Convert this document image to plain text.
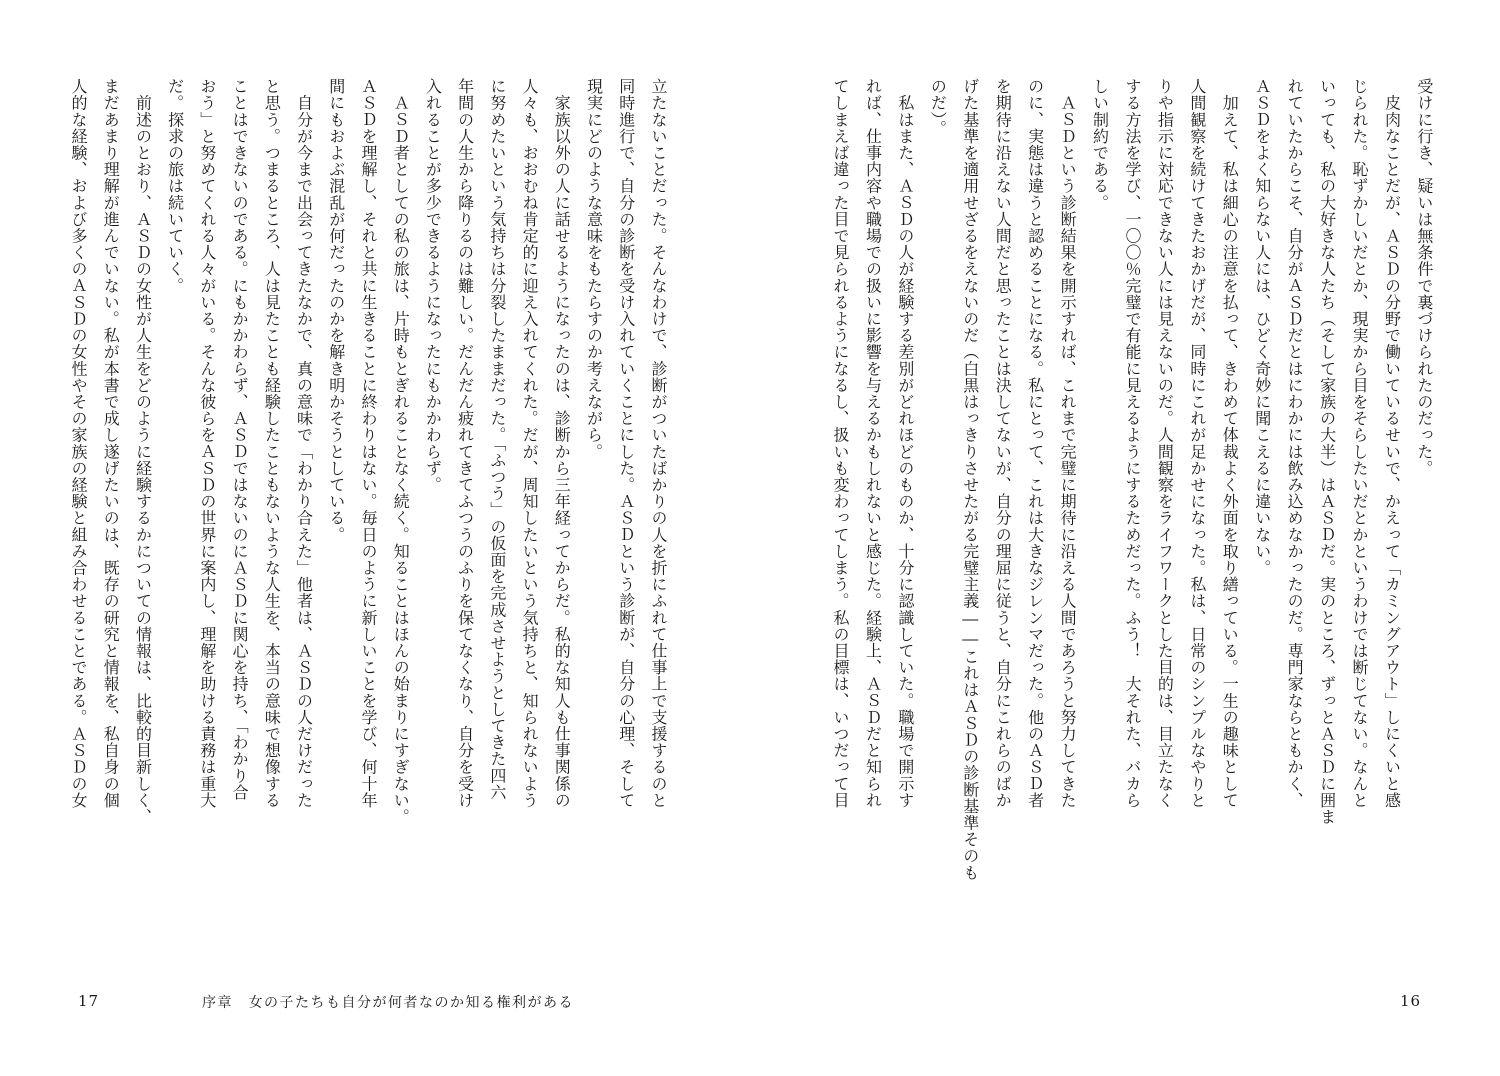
立たないことだった。そんなわけで、診断がついたばかりの人を折にふれて仕事上で支援するのと
同時進行で、自分の診断を受け入れていくことにした。ＡＳＤという診断が、自分の心理、そして
現実にどのような意味をもたらすのか考えながら。
　家族以外の人に話せるようになったのは、診断から三年経ってからだ。私的な知人も仕事関係の
人々も、おおむね肯定的に迎え入れてくれた。だが、周知したいという気持ちと、知られないよう
に努めたいという気持ちは分裂したままだった。「ふつう」の仮面を完成させようとしてきた四六
年間の人生から降りるのは難しい。だんだん疲れてきてふつうのふりを保てなくなり、自分を受け
入れることが多少できるようになったにもかかわらず。
　ＡＳＤ者としての私の旅は、片時もとぎれることなく続く。知ることはほんの始まりにすぎない。
ＡＳＤを理解し、それと共に生きることに終わりはない。毎日のように新しいことを学び、何十年
間にもおよぶ混乱が何だったのかを解き明かそうとしている。
　自分が今まで出会ってきたなかで、真の意味で「わかり合えた」他者は、ＡＳＤの人だけだった
と思う。つまるところ、人は見たことも経験したこともないような人生を、本当の意味で想像する
ことはできないのである。にもかかわらず、ＡＳＤではないのにＡＳＤに関心を持ち、「わかり合
おう」と努めてくれる人々がいる。そんな彼らをＡＳＤの世界に案内し、理解を助ける責務は重大
だ。探求の旅は続いていく。
　前述のとおり、ＡＳＤの女性が人生をどのように経験するかについての情報は、比較的目新しく、
まだあまり理解が進んでいない。私が本書で成し遂げたいのは、既存の研究と情報を、私自身の個
人的な経験、および多くのＡＳＤの女性やその家族の経験と組み合わせることである。ＡＳＤの女
17	序章　女の子たちも自分が何者なのか知る権利がある
受けに行き、疑いは無条件で裏づけられたのだった。
　皮肉なことだが、ＡＳＤの分野で働いているせいで、かえって「カミングアウト」しにくいと感
じられた。恥ずかしいだとか、現実から目をそらしたいだとかというわけでは断じてない。なんと
いっても、私の大好きな人たち（そして家族の大半）はＡＳＤだ。実のところ、ずっとＡＳＤに囲ま
れていたからこそ、自分がＡＳＤだとはにわかには飲み込めなかったのだ。専門家ならともかく、
ＡＳＤをよく知らない人には、ひどく奇妙に聞こえるに違いない。
　加えて、私は細心の注意を払って、きわめて体裁よく外面を取り繕っている。一生の趣味として
人間観察を続けてきたおかげだが、同時にこれが足かせになった。私は、日常のシンプルなやりと
りや指示に対応できない人には見えないのだ。人間観察をライフワークとした目的は、目立たなく
する方法を学び、一〇〇％完璧で有能に見えるようにするためだった。ふう！　大それた、バカら
しい制約である。
　ＡＳＤという診断結果を開示すれば、これまで完璧に期待に沿える人間であろうと努力してきた
のに、実態は違うと認めることになる。私にとって、これは大きなジレンマだった。他のＡＳＤ者
を期待に沿えない人間だと思ったことは決してないが、自分の理屈に従うと、自分にこれらのばか
げた基準を適用せざるをえないのだ（白黒はっきりさせたがる完璧主義――これはＡＳＤの診断基準そのも
のだ）。
　私はまた、ＡＳＤの人が経験する差別がどれほどのものか、十分に認識していた。職場で開示す
れば、仕事内容や職場での扱いに影響を与えるかもしれないと感じた。経験上、ＡＳＤだと知られ
てしまえば違った目で見られるようになるし、扱いも変わってしまう。私の目標は、いつだって目
16
